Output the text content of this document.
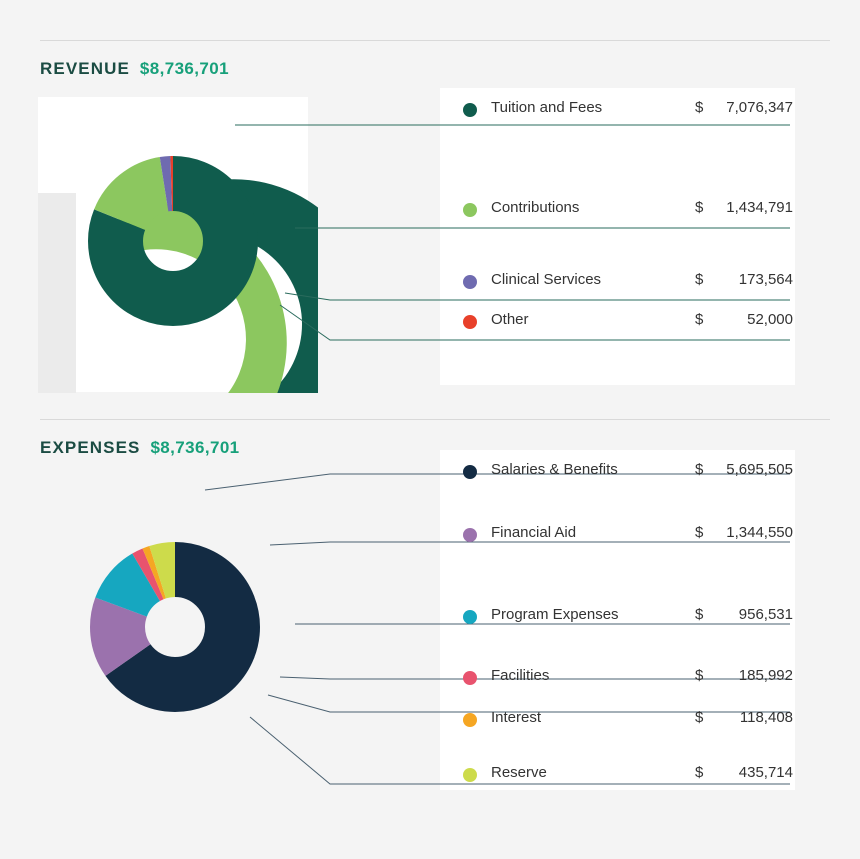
REVENUE $8,736,701
Tuition and Fees	$ 7,076,347
Contributions	$ 1,434,791
Clinical Services	$ 173,564
Other	$	52,000
EXPENSES $8,736,701
Salaries & Benefits	$ 5,695,505
Financial Aid	$ 1,344,550
Program Expenses	$ 956,531
Facilities	$ 185,992
Interest	$ 118,408
Reserve	$ 435,714
